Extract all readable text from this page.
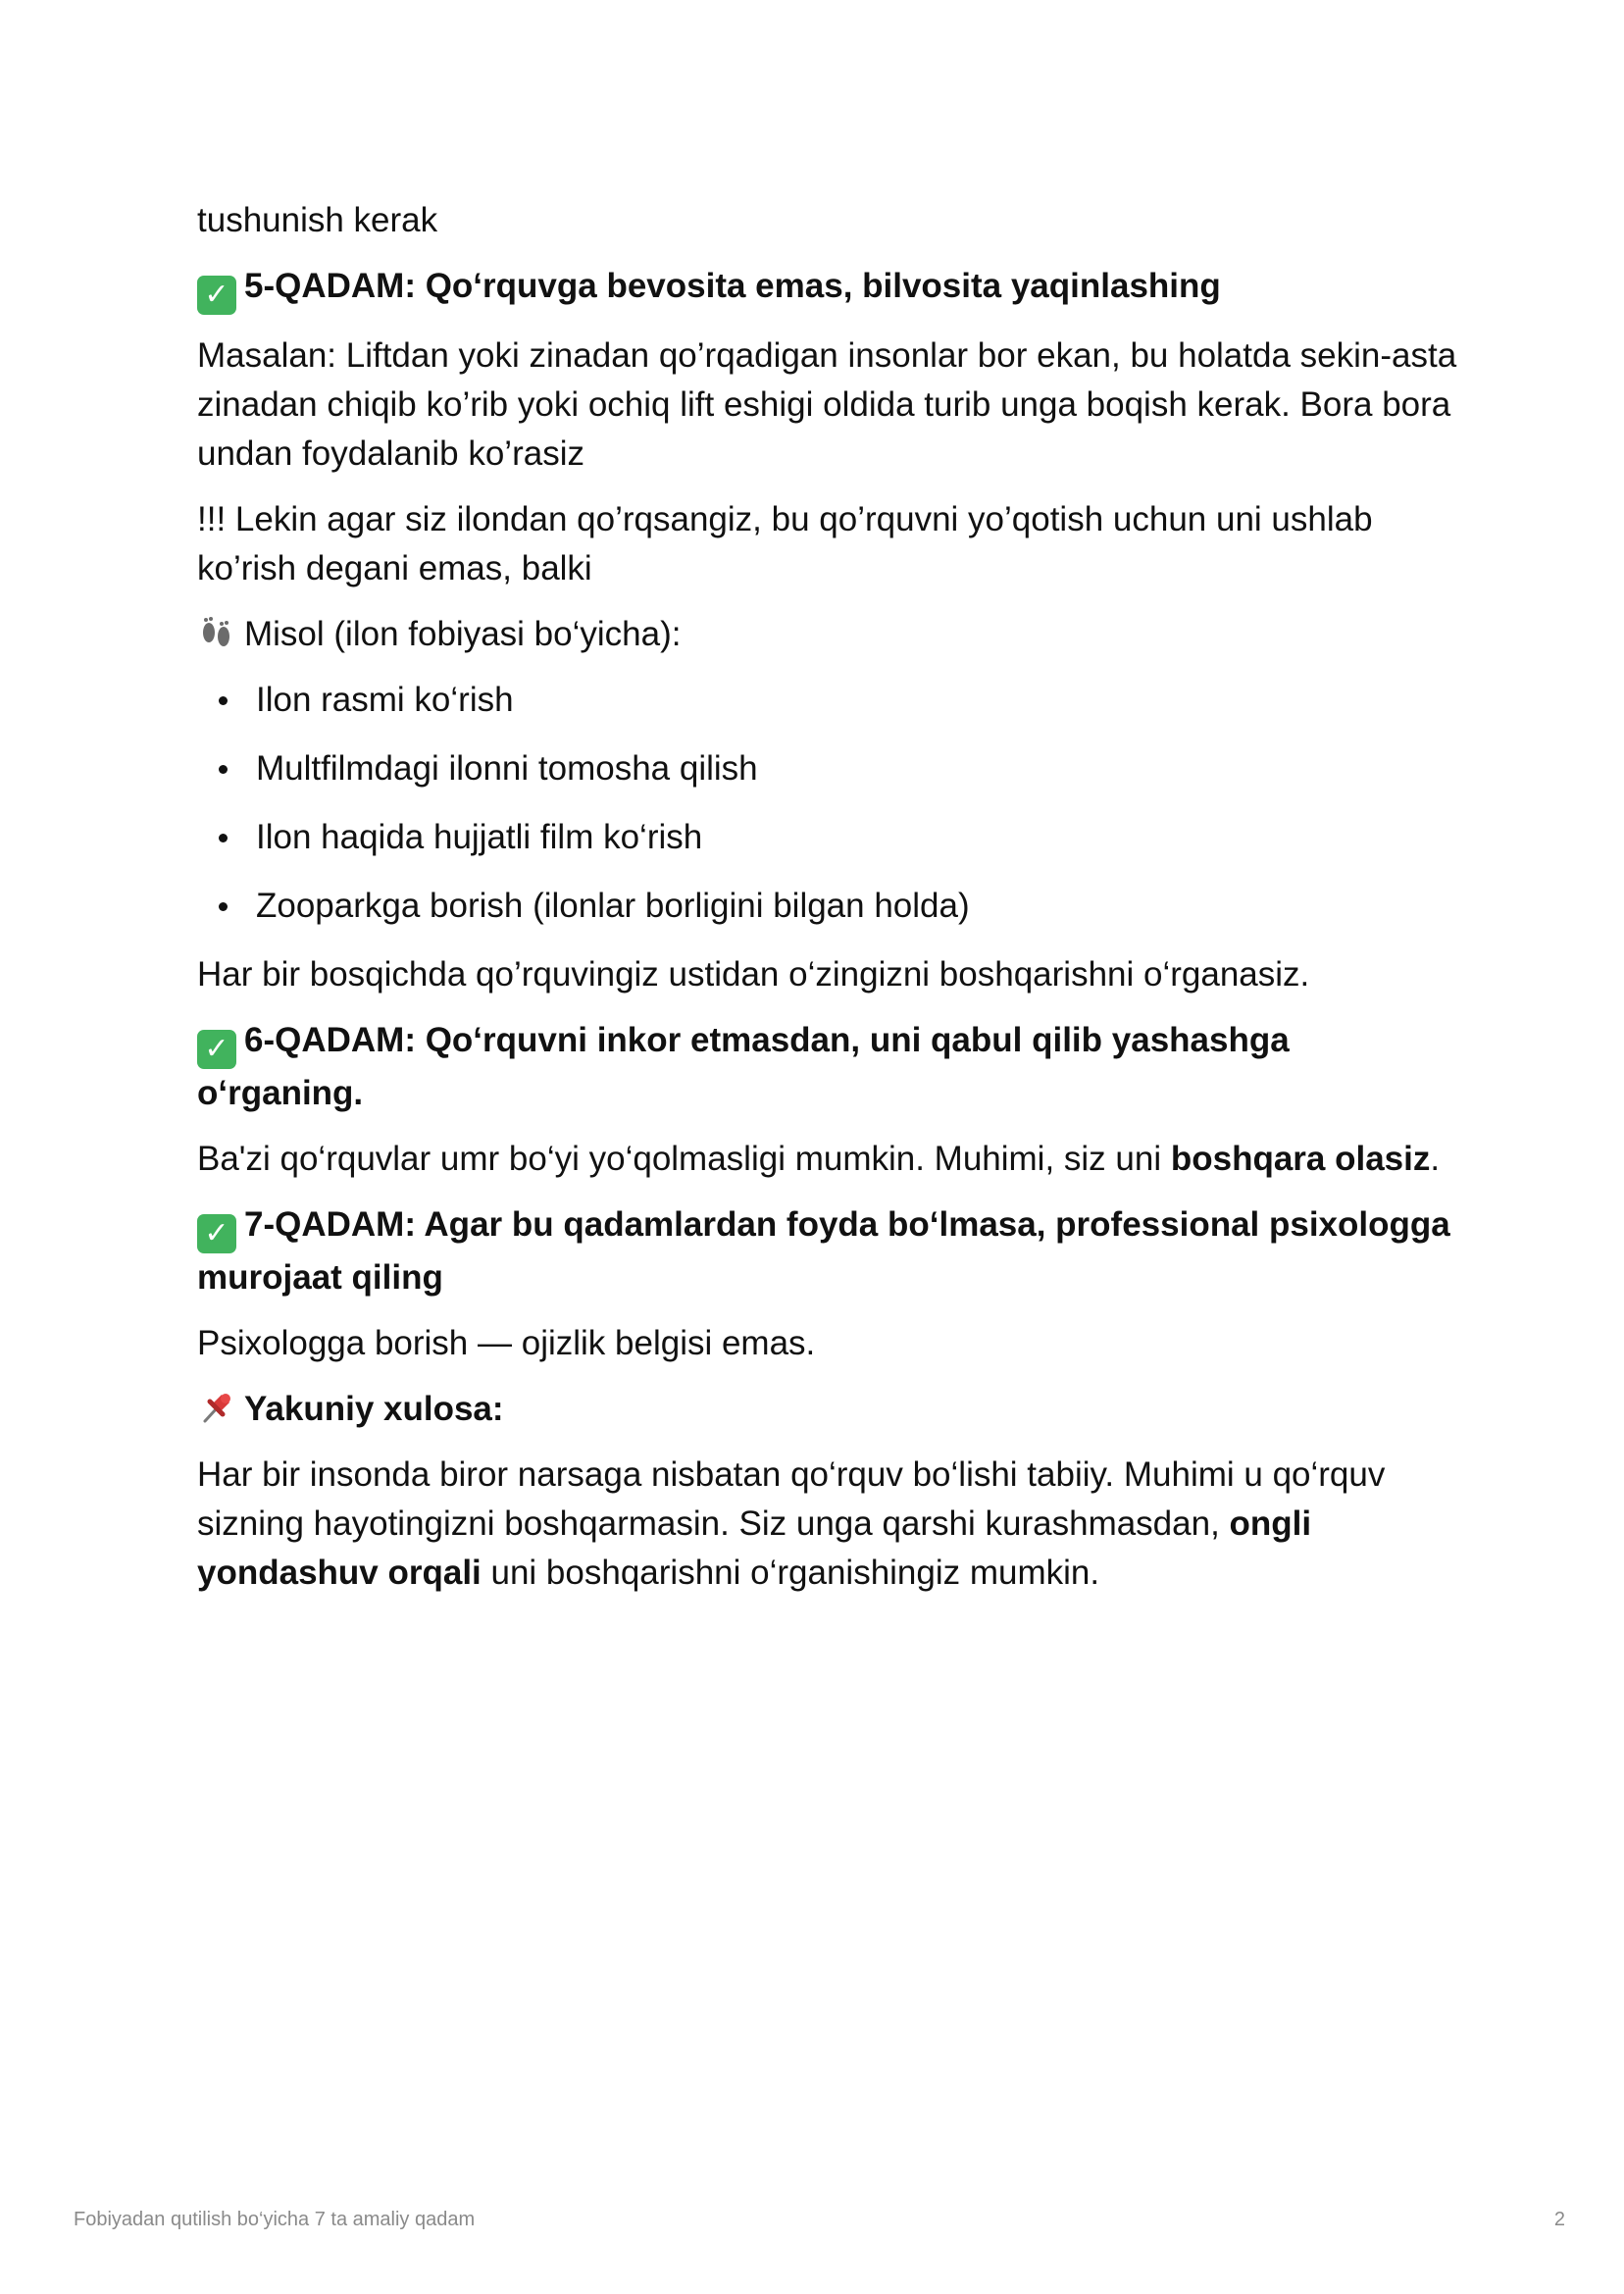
tushunish kerak

✓ 5-QADAM: Qo‘rquvga bevosita emas, bilvosita yaqinlashing

Masalan: Liftdan yoki zinadan qo’rqadigan insonlar bor ekan, bu holatda sekin-asta zinadan chiqib ko’rib yoki ochiq lift eshigi oldida turib unga boqish kerak. Bora bora undan foydalanib ko’rasiz

!!! Lekin agar siz ilondan qo’rqsangiz, bu qo’rquvni yo’qotish uchun uni ushlab ko’rish degani emas, balki

Misol (ilon fobiyasi bo‘yicha):

Ilon rasmi ko‘rish
Multfilmdagi ilonni tomosha qilish
Ilon haqida hujjatli film ko‘rish
Zooparkga borish (ilonlar borligini bilgan holda)

Har bir bosqichda qo’rquvingiz ustidan o‘zingizni boshqarishni o‘rganasiz.

✓ 6-QADAM: Qo‘rquvni inkor etmasdan, uni qabul qilib yashashga o‘rganing.

Ba'zi qo‘rquvlar umr bo‘yi yo‘qolmasligi mumkin. Muhimi, siz uni boshqara olasiz.

✓ 7-QADAM: Agar bu qadamlardan foyda bo‘lmasa, professional psixologga murojaat qiling

Psixologga borish — ojizlik belgisi emas.

Yakuniy xulosa:

Har bir insonda biror narsaga nisbatan qo‘rquv bo‘lishi tabiiy. Muhimi u qo‘rquv sizning hayotingizni boshqarmasin. Siz unga qarshi kurashmasdan, ongli yondashuv orqali uni boshqarishni o‘rganishingiz mumkin.

Fobiyadan qutilish bo‘yicha 7 ta amaliy qadam	2
